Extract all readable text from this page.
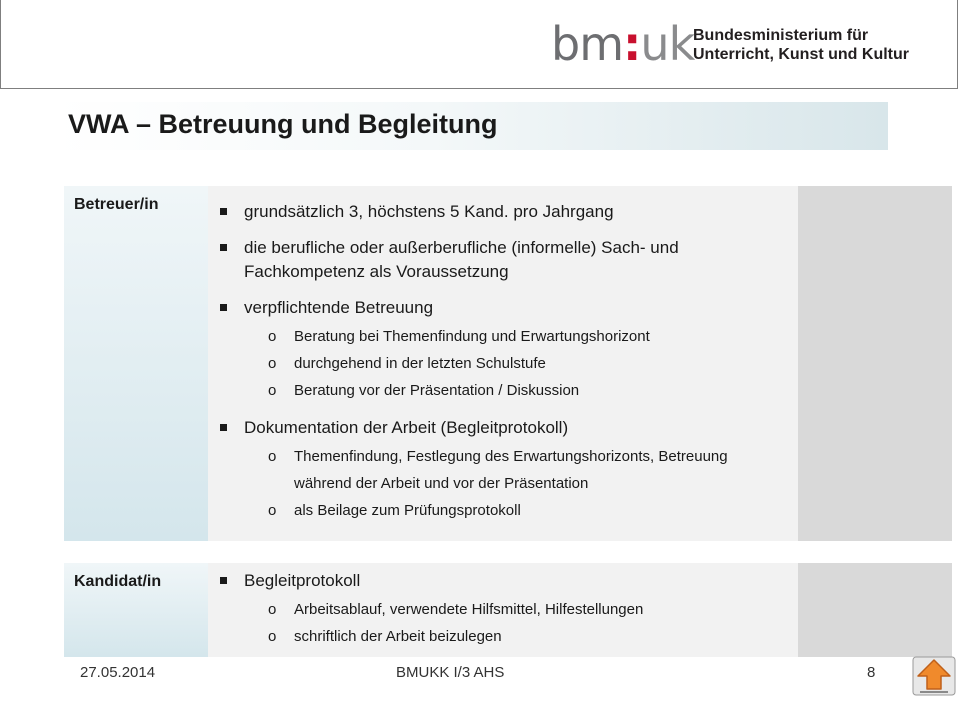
bm:uk
Bundesministerium für
Unterricht, Kunst und Kultur
VWA – Betreuung und Begleitung
Betreuer/in	grundsätzlich 3, höchstens 5 Kand. pro Jahrgang
die berufliche oder außerberufliche (informelle) Sach- und Fachkompetenz als Voraussetzung
verpflichtende Betreuung
o Beratung bei Themenfindung und Erwartungshorizont
o durchgehend in der letzten Schulstufe
o Beratung vor der Präsentation / Diskussion
Dokumentation der Arbeit (Begleitprotokoll)
o Themenfindung, Festlegung des Erwartungshorizonts, Betreuung während der Arbeit und vor der Präsentation
o als Beilage zum Prüfungsprotokoll
Kandidat/in	Begleitprotokoll
o Arbeitsablauf, verwendete Hilfsmittel, Hilfestellungen
o schriftlich der Arbeit beizulegen
27.05.2014	BMUKK I/3 AHS	8
